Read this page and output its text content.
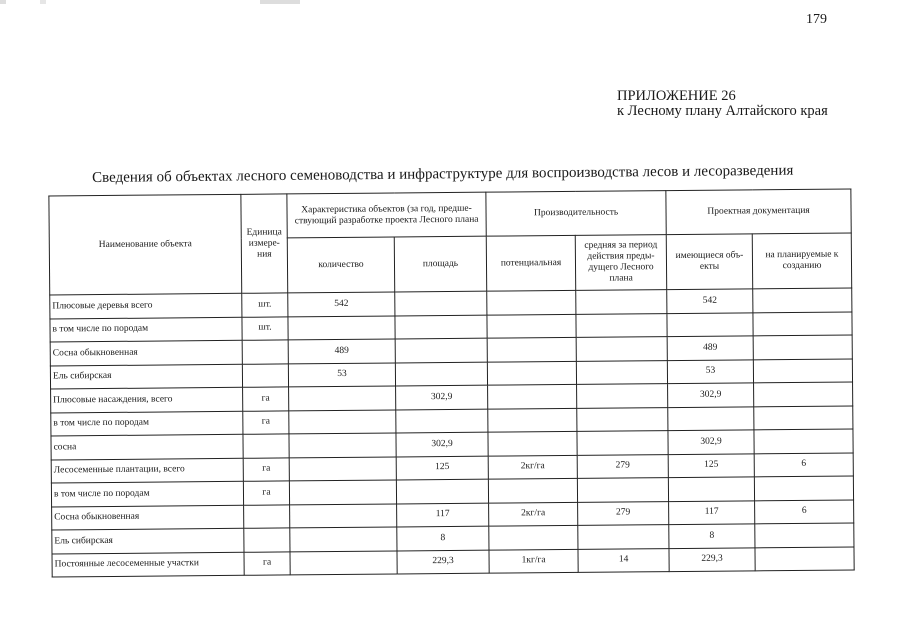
179
ПРИЛОЖЕНИЕ 26
к Лесному плану Алтайского края
Сведения об объектах лесного семеноводства и инфраструктуре для воспроизводства лесов и лесоразведения
Наименование объекта	Единица измере-ния	Характеристика объектов (за год, предше-ствующий разработке проекта Лесного плана		Производительность		Проектная документация	
		количество	площадь	потенциальная	средняя за период действия преды-дущего Лесного плана	имеющиеся объ-екты	на планируемые к созданию
Плюсовые деревья всего	шт.	542				542	
в том числе по породам	шт.						
Сосна обыкновенная		489				489	
Ель сибирская		53				53	
Плюсовые насаждения, всего	га		302,9			302,9	
в том числе по породам	га						
сосна			302,9			302,9	
Лесосеменные плантации, всего	га		125	2кг/га	279	125	6
в том числе по породам	га						
Сосна обыкновенная			117	2кг/га	279	117	6
Ель сибирская			8			8	
Постоянные лесосеменные участки	га		229,3	1кг/га	14	229,3	
